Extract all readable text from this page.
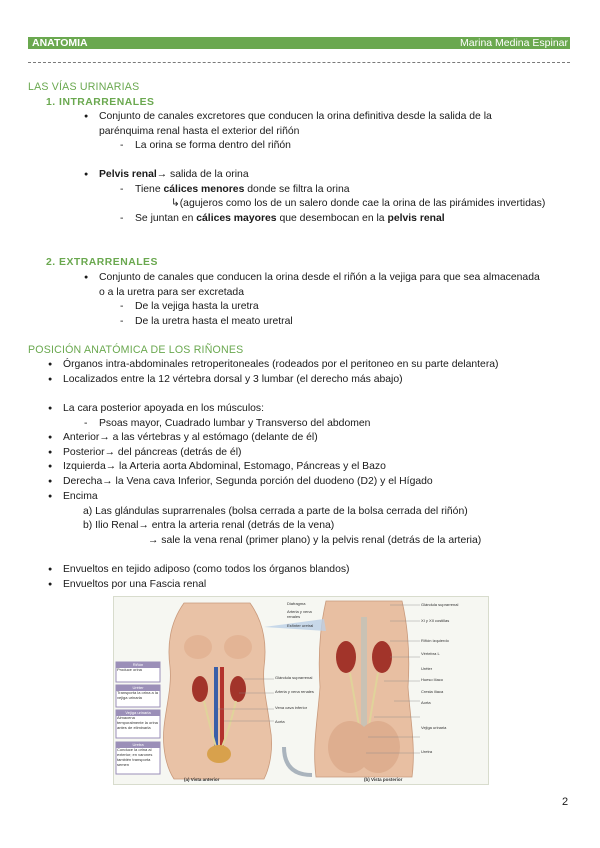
ANATOMIA	Marina Medina Espinar
LAS VÍAS URINARIAS
1. INTRARRENALES
● Conjunto de canales excretores que conducen la orina definitiva desde la salida de la
parénquima renal hasta el exterior del riñón
- La orina se forma dentro del riñón
● Pelvis renal→ salida de la orina
- Tiene cálices menores donde se filtra la orina
↳(agujeros como los de un salero donde cae la orina de las pirámides invertidas)
- Se juntan en cálices mayores que desembocan en la pelvis renal
2. EXTRARRENALES
● Conjunto de canales que conducen la orina desde el riñón a la vejiga para que sea almacenada
o a la uretra para ser excretada
- De la vejiga hasta la uretra
- De la uretra hasta el meato uretral
POSICIÓN ANATÓMICA DE LOS RIÑONES
● Órganos intra-abdominales retroperitoneales (rodeados por el peritoneo en su parte delantera)
● Localizados entre la 12 vértebra dorsal y 3 lumbar (el derecho más abajo)
● La cara posterior apoyada en los músculos:
- Psoas mayor, Cuadrado lumbar y Transverso del abdomen
● Anterior→ a las vértebras y al estómago (delante de él)
● Posterior→ del páncreas (detrás de él)
● Izquierda→ la Arteria aorta Abdominal, Estomago, Páncreas y el Bazo
● Derecha→ la Vena cava Inferior, Segunda porción del duodeno (D2) y el Hígado
● Encima
a) Las glándulas suprarrenales (bolsa cerrada a parte de la bolsa cerrada del riñón)
b) Ilio Renal→ entra la arteria renal (detrás de la vena)
→ sale la vena renal (primer plano) y la pelvis renal (detrás de la arteria)
● Envueltos en tejido adiposo (como todos los órganos blandos)
● Envueltos por una Fascia renal
Riñón
Produce orina
Uréter
Transporta la orina a la vejiga urinaria
Vejiga urinaria
Almacena temporalmente la orina antes de eliminarla
Uretra
Conduce la orina al exterior; en varones también transporta semen
Glándula suprarrenal
Arteria y vena renales
Vena cava inferior
Aorta
Diafragma
Arteria y vena renales
Esfínter uretral
Glándula suprarrenal
XI y XII costillas
Riñón izquierdo
Vértebra L
Uréter
Hueso ilíaco
Cresta ilíaca
Aorta
Vejiga urinaria
Uretra
(a) Vista anterior	(b) Vista posterior
2
